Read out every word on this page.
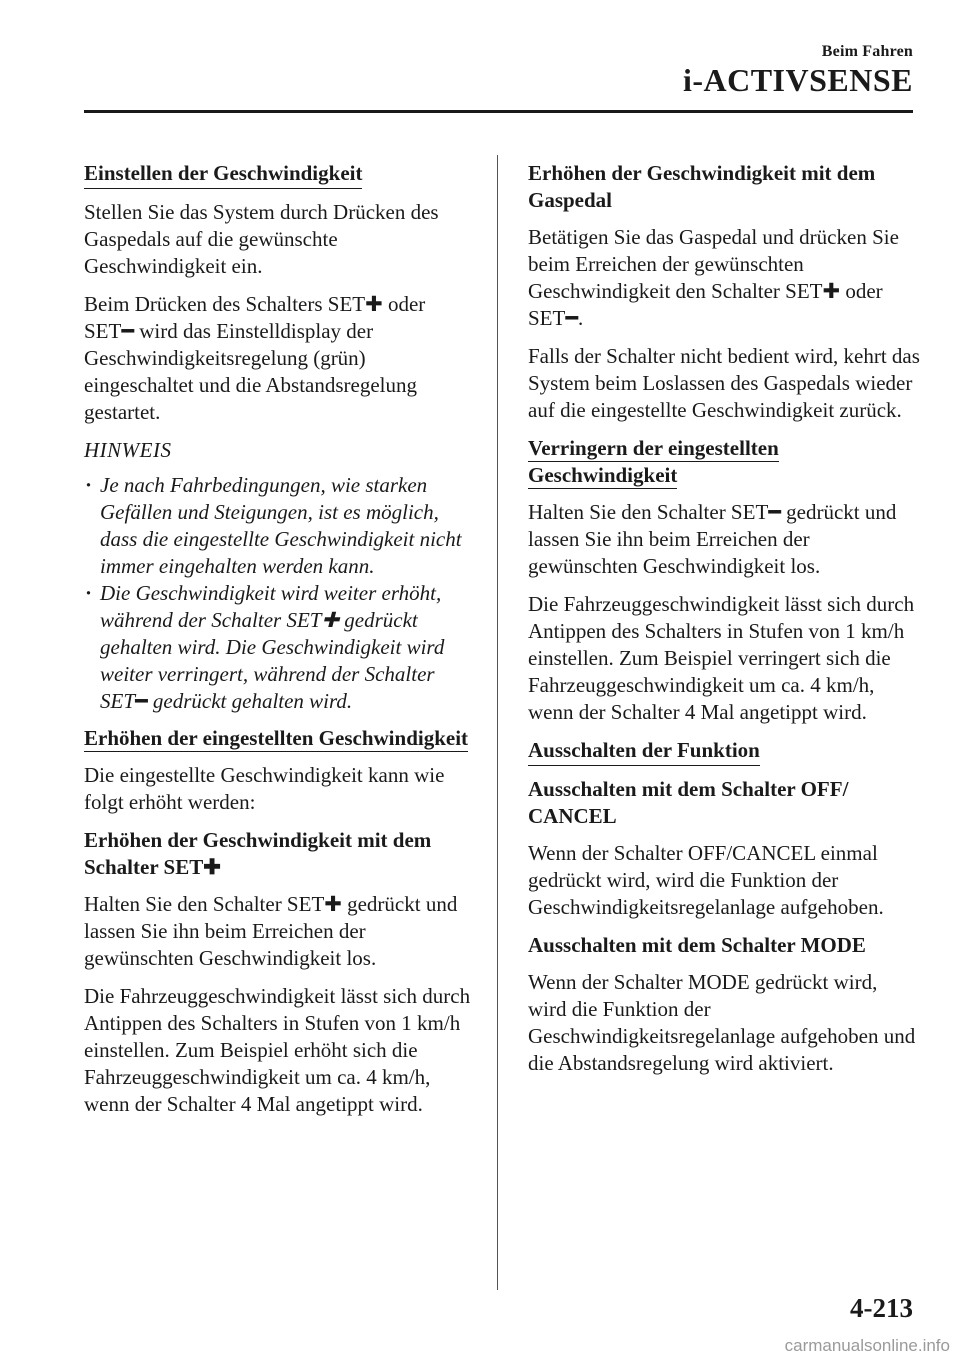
Beim Fahren
i-ACTIVSENSE
Einstellen der Geschwindigkeit
Stellen Sie das System durch Drücken des Gaspedals auf die gewünschte Geschwindigkeit ein.
Beim Drücken des Schalters SET✚ oder SET━ wird das Einstelldisplay der Geschwindigkeitsregelung (grün) eingeschaltet und die Abstandsregelung gestartet.
HINWEIS
· Je nach Fahrbedingungen, wie starken Gefällen und Steigungen, ist es möglich, dass die eingestellte Geschwindigkeit nicht immer eingehalten werden kann.
· Die Geschwindigkeit wird weiter erhöht, während der Schalter SET✚ gedrückt gehalten wird. Die Geschwindigkeit wird weiter verringert, während der Schalter SET━ gedrückt gehalten wird.
Erhöhen der eingestellten Geschwindigkeit
Die eingestellte Geschwindigkeit kann wie folgt erhöht werden:
Erhöhen der Geschwindigkeit mit dem Schalter SET✚
Halten Sie den Schalter SET✚ gedrückt und lassen Sie ihn beim Erreichen der gewünschten Geschwindigkeit los.
Die Fahrzeuggeschwindigkeit lässt sich durch Antippen des Schalters in Stufen von 1 km/h einstellen. Zum Beispiel erhöht sich die Fahrzeuggeschwindigkeit um ca. 4 km/h, wenn der Schalter 4 Mal angetippt wird.
Erhöhen der Geschwindigkeit mit dem Gaspedal
Betätigen Sie das Gaspedal und drücken Sie beim Erreichen der gewünschten Geschwindigkeit den Schalter SET✚ oder SET━.
Falls der Schalter nicht bedient wird, kehrt das System beim Loslassen des Gaspedals wieder auf die eingestellte Geschwindigkeit zurück.
Verringern der eingestellten Geschwindigkeit
Halten Sie den Schalter SET━ gedrückt und lassen Sie ihn beim Erreichen der gewünschten Geschwindigkeit los.
Die Fahrzeuggeschwindigkeit lässt sich durch Antippen des Schalters in Stufen von 1 km/h einstellen. Zum Beispiel verringert sich die Fahrzeuggeschwindigkeit um ca. 4 km/h, wenn der Schalter 4 Mal angetippt wird.
Ausschalten der Funktion
Ausschalten mit dem Schalter OFF/ CANCEL
Wenn der Schalter OFF/CANCEL einmal gedrückt wird, wird die Funktion der Geschwindigkeitsregelanlage aufgehoben.
Ausschalten mit dem Schalter MODE
Wenn der Schalter MODE gedrückt wird, wird die Funktion der Geschwindigkeitsregelanlage aufgehoben und die Abstandsregelung wird aktiviert.
4-213
carmanualsonline.info
